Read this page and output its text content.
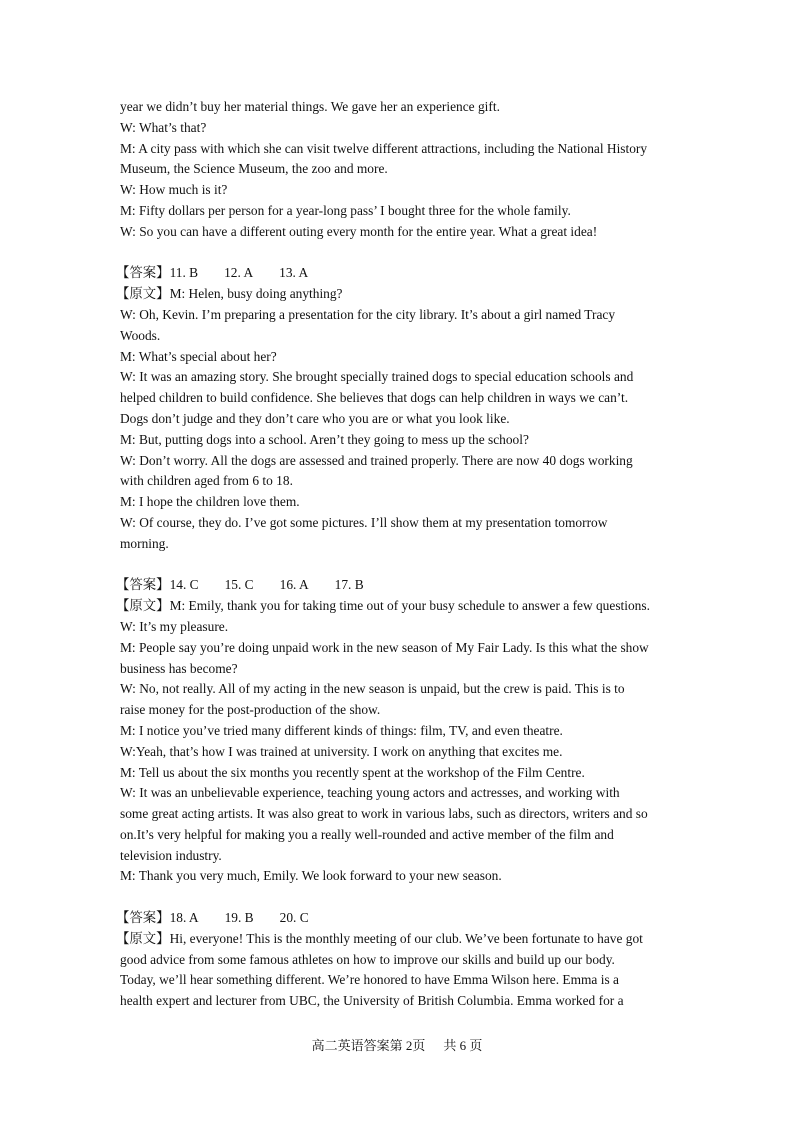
year we didn’t buy her material things. We gave her an experience gift.
W: What’s that?
M: A city pass with which she can visit twelve different attractions, including the National History
Museum, the Science Museum, the zoo and more.
W: How much is it?
M: Fifty dollars per person for a year-long pass’ I bought three for the whole family.
W: So you can have a different outing every month for the entire year. What a great idea!
【答案】11. B 12. A 13. A
【原文】M: Helen, busy doing anything?
W: Oh, Kevin. I’m preparing a presentation for the city library. It’s about a girl named Tracy
Woods.
M: What’s special about her?
W: It was an amazing story. She brought specially trained dogs to special education schools and
helped children to build confidence. She believes that dogs can help children in ways we can’t.
Dogs don’t judge and they don’t care who you are or what you look like.
M: But, putting dogs into a school. Aren’t they going to mess up the school?
W: Don’t worry. All the dogs are assessed and trained properly. There are now 40 dogs working
with children aged from 6 to 18.
M: I hope the children love them.
W: Of course, they do. I’ve got some pictures. I’ll show them at my presentation tomorrow
morning.
【答案】14. C 15. C 16. A 17. B
【原文】M: Emily, thank you for taking time out of your busy schedule to answer a few questions.
W: It’s my pleasure.
M: People say you’re doing unpaid work in the new season of My Fair Lady. Is this what the show
business has become?
W: No, not really. All of my acting in the new season is unpaid, but the crew is paid. This is to
raise money for the post-production of the show.
M: I notice you’ve tried many different kinds of things: film, TV, and even theatre.
W:Yeah, that’s how I was trained at university. I work on anything that excites me.
M: Tell us about the six months you recently spent at the workshop of the Film Centre.
W: It was an unbelievable experience, teaching young actors and actresses, and working with
some great acting artists. It was also great to work in various labs, such as directors, writers and so
on.It’s very helpful for making you a really well-rounded and active member of the film and
television industry.
M: Thank you very much, Emily. We look forward to your new season.
【答案】18. A 19. B 20. C
【原文】Hi, everyone! This is the monthly meeting of our club. We’ve been fortunate to have got
good advice from some famous athletes on how to improve our skills and build up our body.
Today, we’ll hear something different. We’re honored to have Emma Wilson here. Emma is a
health expert and lecturer from UBC, the University of British Columbia. Emma worked for a
高二英语答案第 2页 共 6 页
